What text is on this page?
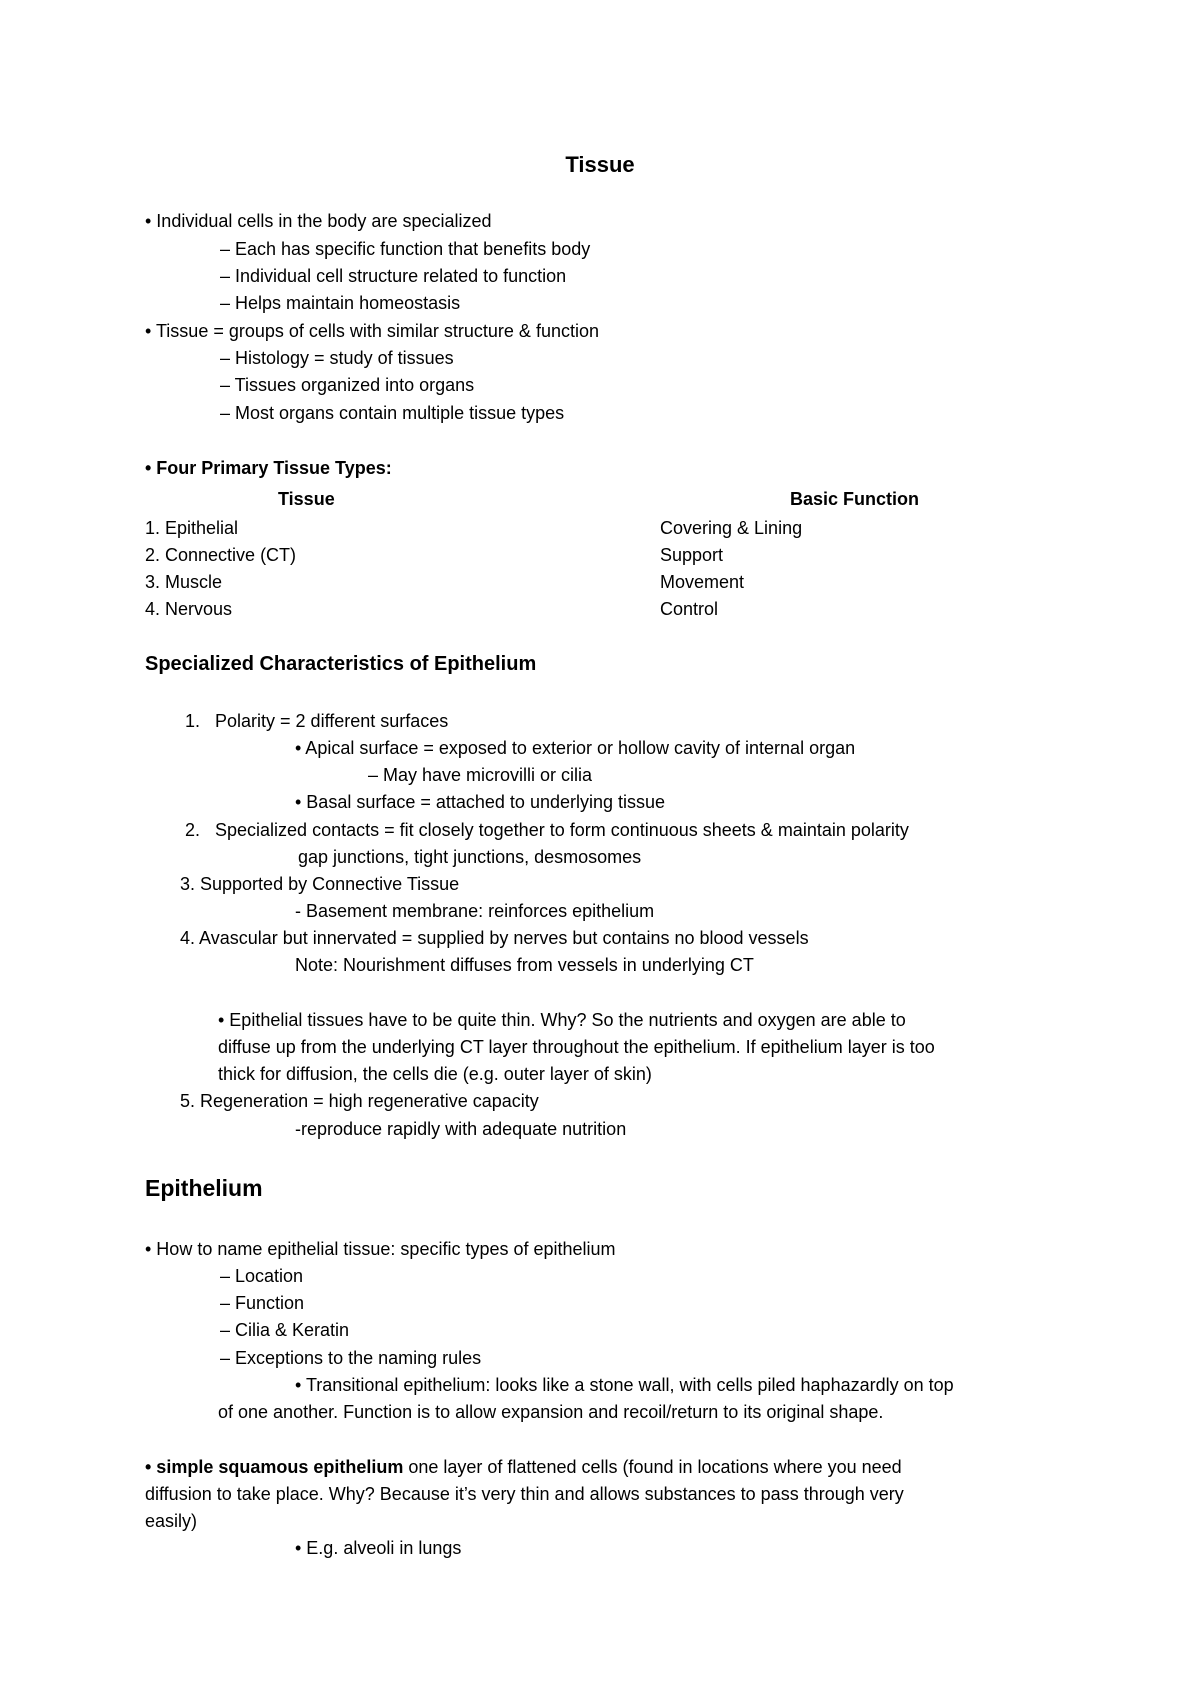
Tissue
• Individual cells in the body are specialized
– Each has specific function that benefits body
– Individual cell structure related to function
– Helps maintain homeostasis
• Tissue = groups of cells with similar structure & function
– Histology = study of tissues
– Tissues organized into organs
– Most organs contain multiple tissue types
• Four Primary Tissue Types:
Tissue	Basic Function
1. Epithelial	Covering & Lining
2. Connective (CT)	Support
3. Muscle	Movement
4. Nervous	Control
Specialized Characteristics of Epithelium
1.   Polarity = 2 different surfaces
• Apical surface = exposed to exterior or hollow cavity of internal organ
– May have microvilli or cilia
• Basal surface = attached to underlying tissue
2.   Specialized contacts = fit closely together to form continuous sheets & maintain polarity
gap junctions, tight junctions, desmosomes
3. Supported by Connective Tissue
- Basement membrane: reinforces epithelium
4. Avascular but innervated = supplied by nerves but contains no blood vessels
Note: Nourishment diffuses from vessels in underlying CT
• Epithelial tissues have to be quite thin. Why? So the nutrients and oxygen are able to
diffuse up from the underlying CT layer throughout the epithelium. If epithelium layer is too
thick for diffusion, the cells die (e.g. outer layer of skin)
5. Regeneration = high regenerative capacity
-reproduce rapidly with adequate nutrition
Epithelium
• How to name epithelial tissue: specific types of epithelium
– Location
– Function
– Cilia & Keratin
– Exceptions to the naming rules
• Transitional epithelium: looks like a stone wall, with cells piled haphazardly on top
of one another. Function is to allow expansion and recoil/return to its original shape.
• simple squamous epithelium one layer of flattened cells (found in locations where you need
diffusion to take place. Why? Because it’s very thin and allows substances to pass through very
easily)
• E.g. alveoli in lungs
